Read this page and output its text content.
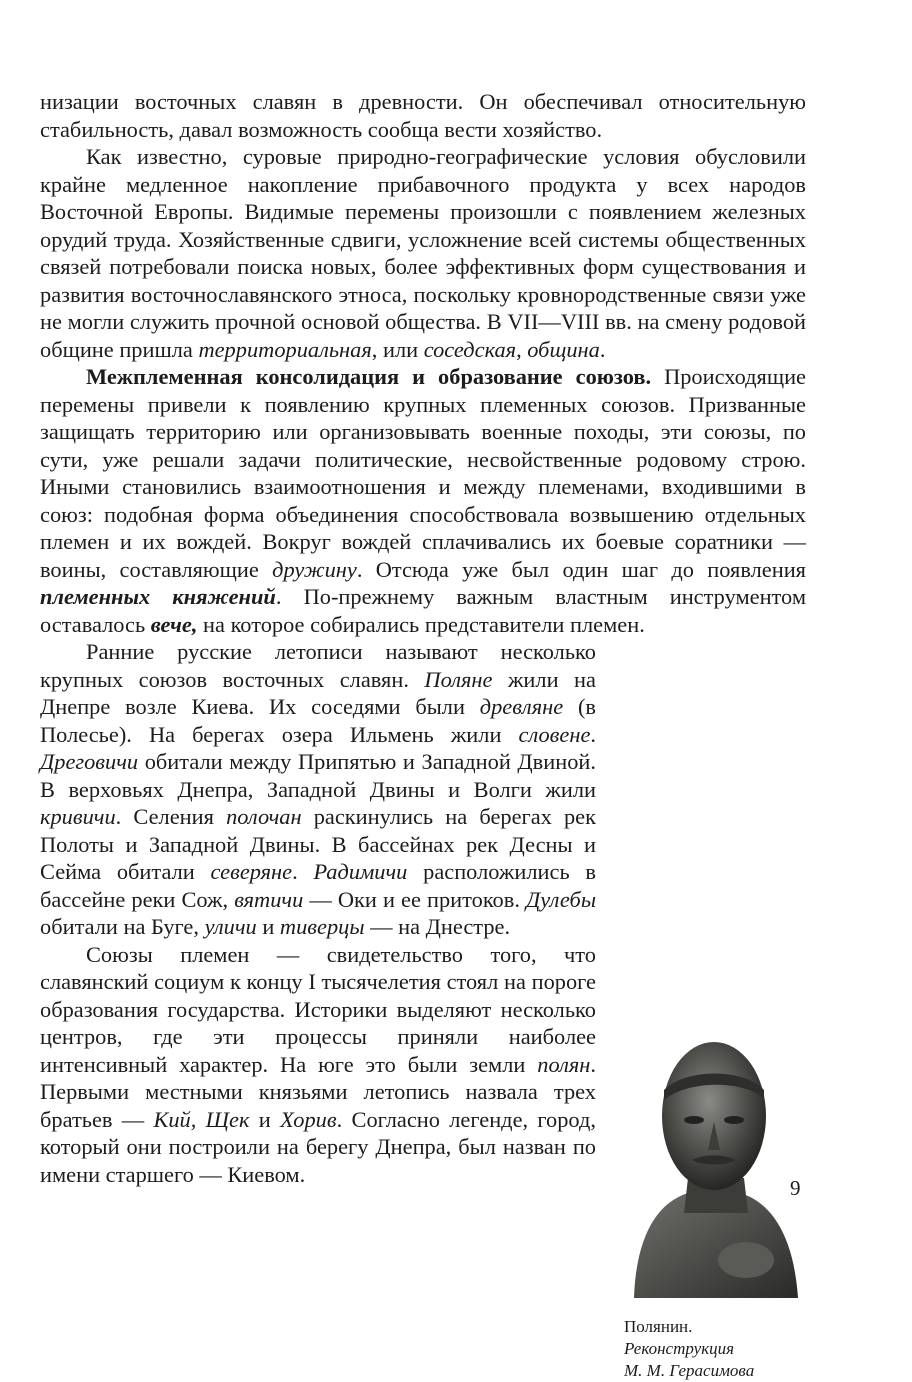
низации восточных славян в древности. Он обеспечивал относительную стабильность, давал возможность сообща вести хозяйство.

Как известно, суровые природно-географические условия обусловили крайне медленное накопление прибавочного продукта у всех народов Восточной Европы. Видимые перемены произошли с появлением железных орудий труда. Хозяйственные сдвиги, усложнение всей системы общественных связей потребовали поиска новых, более эффективных форм существования и развития восточнославянского этноса, поскольку кровнородственные связи уже не могли служить прочной основой общества. В VII—VIII вв. на смену родовой общине пришла территориальная, или соседская, община.

Межплеменная консолидация и образование союзов. Происходящие перемены привели к появлению крупных племенных союзов. Призванные защищать территорию или организовывать военные походы, эти союзы, по сути, уже решали задачи политические, несвойственные родовому строю. Иными становились взаимоотношения и между племенами, входившими в союз: подобная форма объединения способствовала возвышению отдельных племен и их вождей. Вокруг вождей сплачивались их боевые соратники — воины, составляющие дружину. Отсюда уже был один шаг до появления племенных княжений. По-прежнему важным властным инструментом оставалось вече, на которое собирались представители племен.

Полянин.
Реконструкция
М. М. Герасимова

Ранние русские летописи называют несколько крупных союзов восточных славян. Поляне жили на Днепре возле Киева. Их соседями были древляне (в Полесье). На берегах озера Ильмень жили словене. Дреговичи обитали между Припятью и Западной Двиной. В верховьях Днепра, Западной Двины и Волги жили кривичи. Селения полочан раскинулись на берегах рек Полоты и Западной Двины. В бассейнах рек Десны и Сейма обитали северяне. Радимичи расположились в бассейне реки Сож, вятичи — Оки и ее притоков. Дулебы обитали на Буге, уличи и тиверцы — на Днестре.

Союзы племен — свидетельство того, что славянский социум к концу I тысячелетия стоял на пороге образования государства. Историки выделяют несколько центров, где эти процессы приняли наиболее интенсивный характер. На юге это были земли полян. Первыми местными князьями летопись назвала трех братьев — Кий, Щек и Хорив. Согласно легенде, город, который они построили на берегу Днепра, был назван по имени старшего — Киевом.

9
